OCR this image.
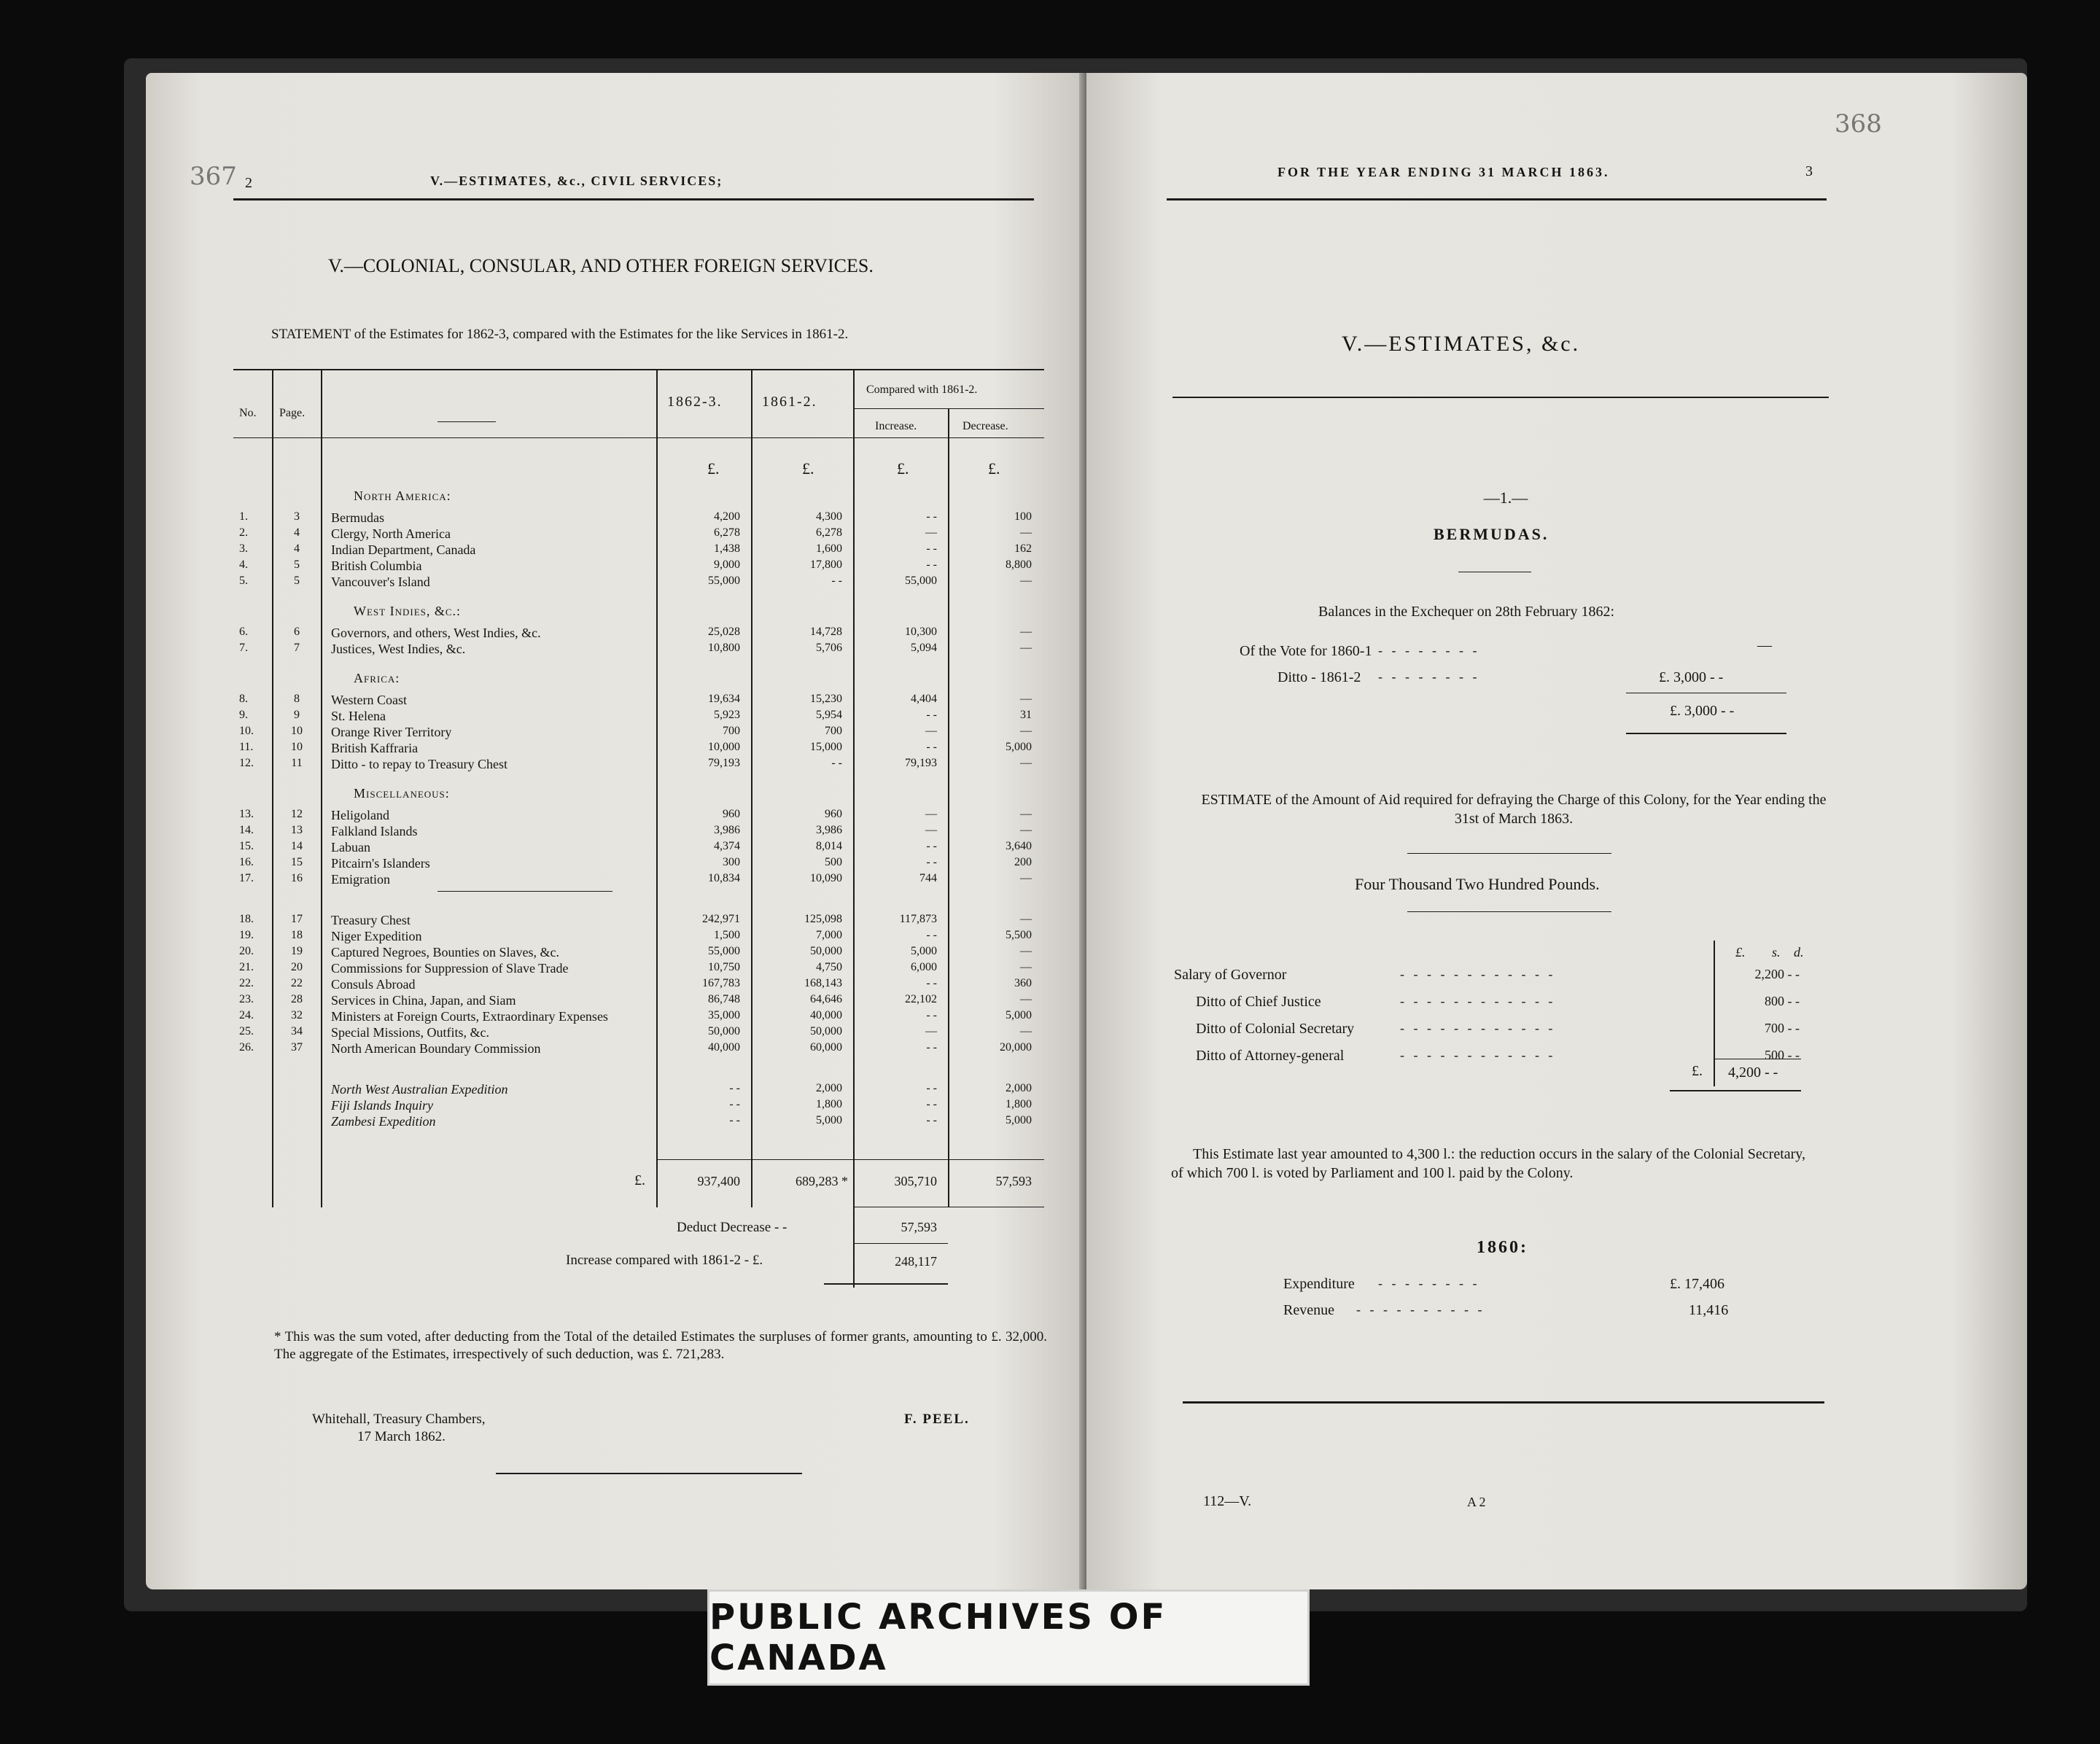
367 2	V.—ESTIMATES, &c., CIVIL SERVICES;
V.—COLONIAL, CONSULAR, AND OTHER FOREIGN SERVICES.
STATEMENT of the Estimates for 1862-3, compared with the Estimates for the like Services in 1861-2.
No. Page.
1862-3.	1861-2.
Compared with 1861-2.
Increase.	Decrease.
£.	£.	£.	£.
£.	937,400	689,283 *	305,710	57,593
Deduct Decrease - -	57,593
Increase compared with 1861-2 - £.	248,117
* This was the sum voted, after deducting from the Total of the detailed Estimates the surpluses of former grants, amounting to £. 32,000. The aggregate of the Estimates, irrespectively of such deduction, was £. 721,283.
Whitehall, Treasury Chambers,
17 March 1862.
F. PEEL.
North America:
1.	3	Bermudas	4,200	4,300	- -	100
2.	4	Clergy, North America	6,278	6,278	—	—
3.	4	Indian Department, Canada	1,438	1,600	- -	162
4.	5	British Columbia	9,000	17,800	- -	8,800
5.	5	Vancouver's Island	55,000	- -	55,000	—
West Indies, &c.:
6.	6	Governors, and others, West Indies, &c.	25,028	14,728	10,300	—
7.	7	Justices, West Indies, &c.	10,800	5,706	5,094	—
Africa:
8.	8	Western Coast	19,634	15,230	4,404	—
9.	9	St. Helena	5,923	5,954	- -	31
10.	10	Orange River Territory	700	700	—	—
11.	10	British Kaffraria	10,000	15,000	- -	5,000
12.	11	Ditto - to repay to Treasury Chest	79,193	- -	79,193	—
Miscellaneous:
13.	12	Heligoland	960	960	—	—
14.	13	Falkland Islands	3,986	3,986	—	—
15.	14	Labuan	4,374	8,014	- -	3,640
16.	15	Pitcairn's Islanders	300	500	- -	200
17.	16	Emigration	10,834	10,090	744	—
18.	17	Treasury Chest	242,971	125,098	117,873	—
19.	18	Niger Expedition	1,500	7,000	- -	5,500
20.	19	Captured Negroes, Bounties on Slaves, &c.	55,000	50,000	5,000	—
21.	20	Commissions for Suppression of Slave Trade	10,750	4,750	6,000	—
22.	22	Consuls Abroad	167,783	168,143	- -	360
23.	28	Services in China, Japan, and Siam	86,748	64,646	22,102	—
24.	32	Ministers at Foreign Courts, Extraordinary Expenses	35,000	40,000	- -	5,000
25.	34	Special Missions, Outfits, &c.	50,000	50,000	—	—
26.	37	North American Boundary Commission	40,000	60,000	- -	20,000
North West Australian Expedition	- -	2,000	- -	2,000
Fiji Islands Inquiry	- -	1,800	- -	1,800
Zambesi Expedition	- -	5,000	- -	5,000
368
FOR THE YEAR ENDING 31 MARCH 1863.	3
V.—ESTIMATES, &c.
—1.—
BERMUDAS.
Balances in the Exchequer on 28th February 1862:
Of the Vote for 1860-1 - - - - - - - -	—
Ditto - 1861-2 - - - - - - - -	£. 3,000 - -
£. 3,000 - -
ESTIMATE of the Amount of Aid required for defraying the Charge of this Colony, for the Year ending the 31st of March 1863.
Four Thousand Two Hundred Pounds.
£. s. d.
£. 4,200 - -
This Estimate last year amounted to 4,300 l.: the reduction occurs in the salary of the Colonial Secretary, of which 700 l. is voted by Parliament and 100 l. paid by the Colony.
1860:
Expenditure - - - - - - - -	£. 17,406
Revenue - - - - - - - - - -	11,416
112—V.	A 2
Salary of Governor	- - - - - - - - - - - -	2,200 - -
Ditto of Chief Justice	- - - - - - - - - - - -	800 - -
Ditto of Colonial Secretary	- - - - - - - - - - - -	700 - -
Ditto of Attorney-general	- - - - - - - - - - - -	500 - -
PUBLIC ARCHIVES OF CANADA
